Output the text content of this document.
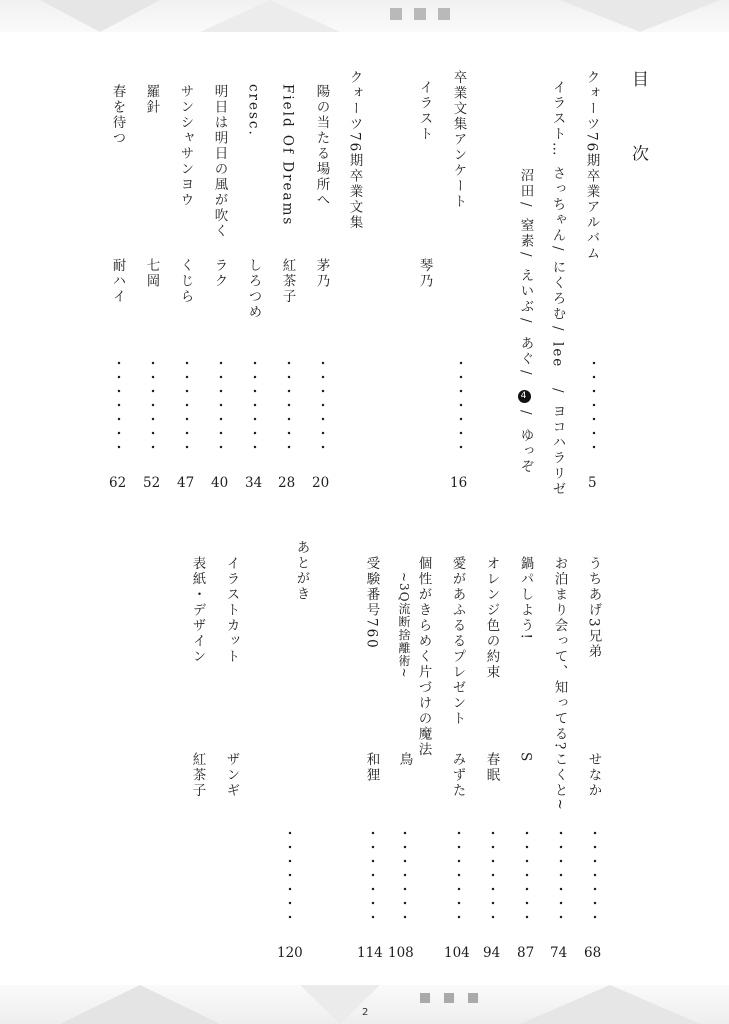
2
目 次
クォーツ76期卒業アルバム
5
イラスト…
さっちゃん
/
にくろむ
/
lee
/
ヨコハラリゼ
沼田
/
窒素
/
えいぶ
/
あぐ
/
4
/
ゆっぞ
卒業文集アンケート
イラスト
琴乃
16
クォーツ76期卒業文集
陽の当たる場所へ
茅乃
20
Field Of Dreams
紅茶子
28
cresc.
しろつめ
34
明日は明日の風が吹く
ラク
40
サンシャサンヨウ
くじら
47
羅針
七岡
52
春を待つ
耐ハイ
62
うちあげ3兄弟
せなか
68
お泊まり会って、知ってる?
こくと~
74
鍋パしよう!
S
87
オレンジ色の約束
春眠
94
愛があふるるプレゼント
みずた
104
個性がきらめく片づけの魔法
~3Q流断捨離術~
鳥
108
受験番号760
和狸
114
あとがき
120
イラストカット
ザンギ
表紙・デザイン
紅茶子
